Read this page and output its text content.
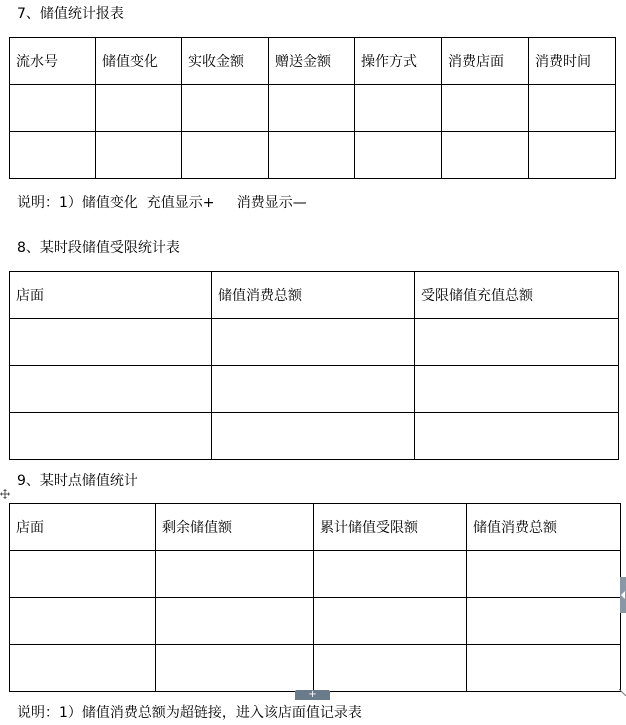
7、储值统计报表
流水号	储值变化	实收金额	赠送金额	操作方式	消费店面	消费时间

说明：1）储值变化  充值显示+     消费显示—
8、某时段储值受限统计表
店面	储值消费总额	受限储值充值总额

9、某时点储值统计
店面	剩余储值额	累计储值受限额	储值消费总额

+
说明：1）储值消费总额为超链接，进入该店面值记录表
